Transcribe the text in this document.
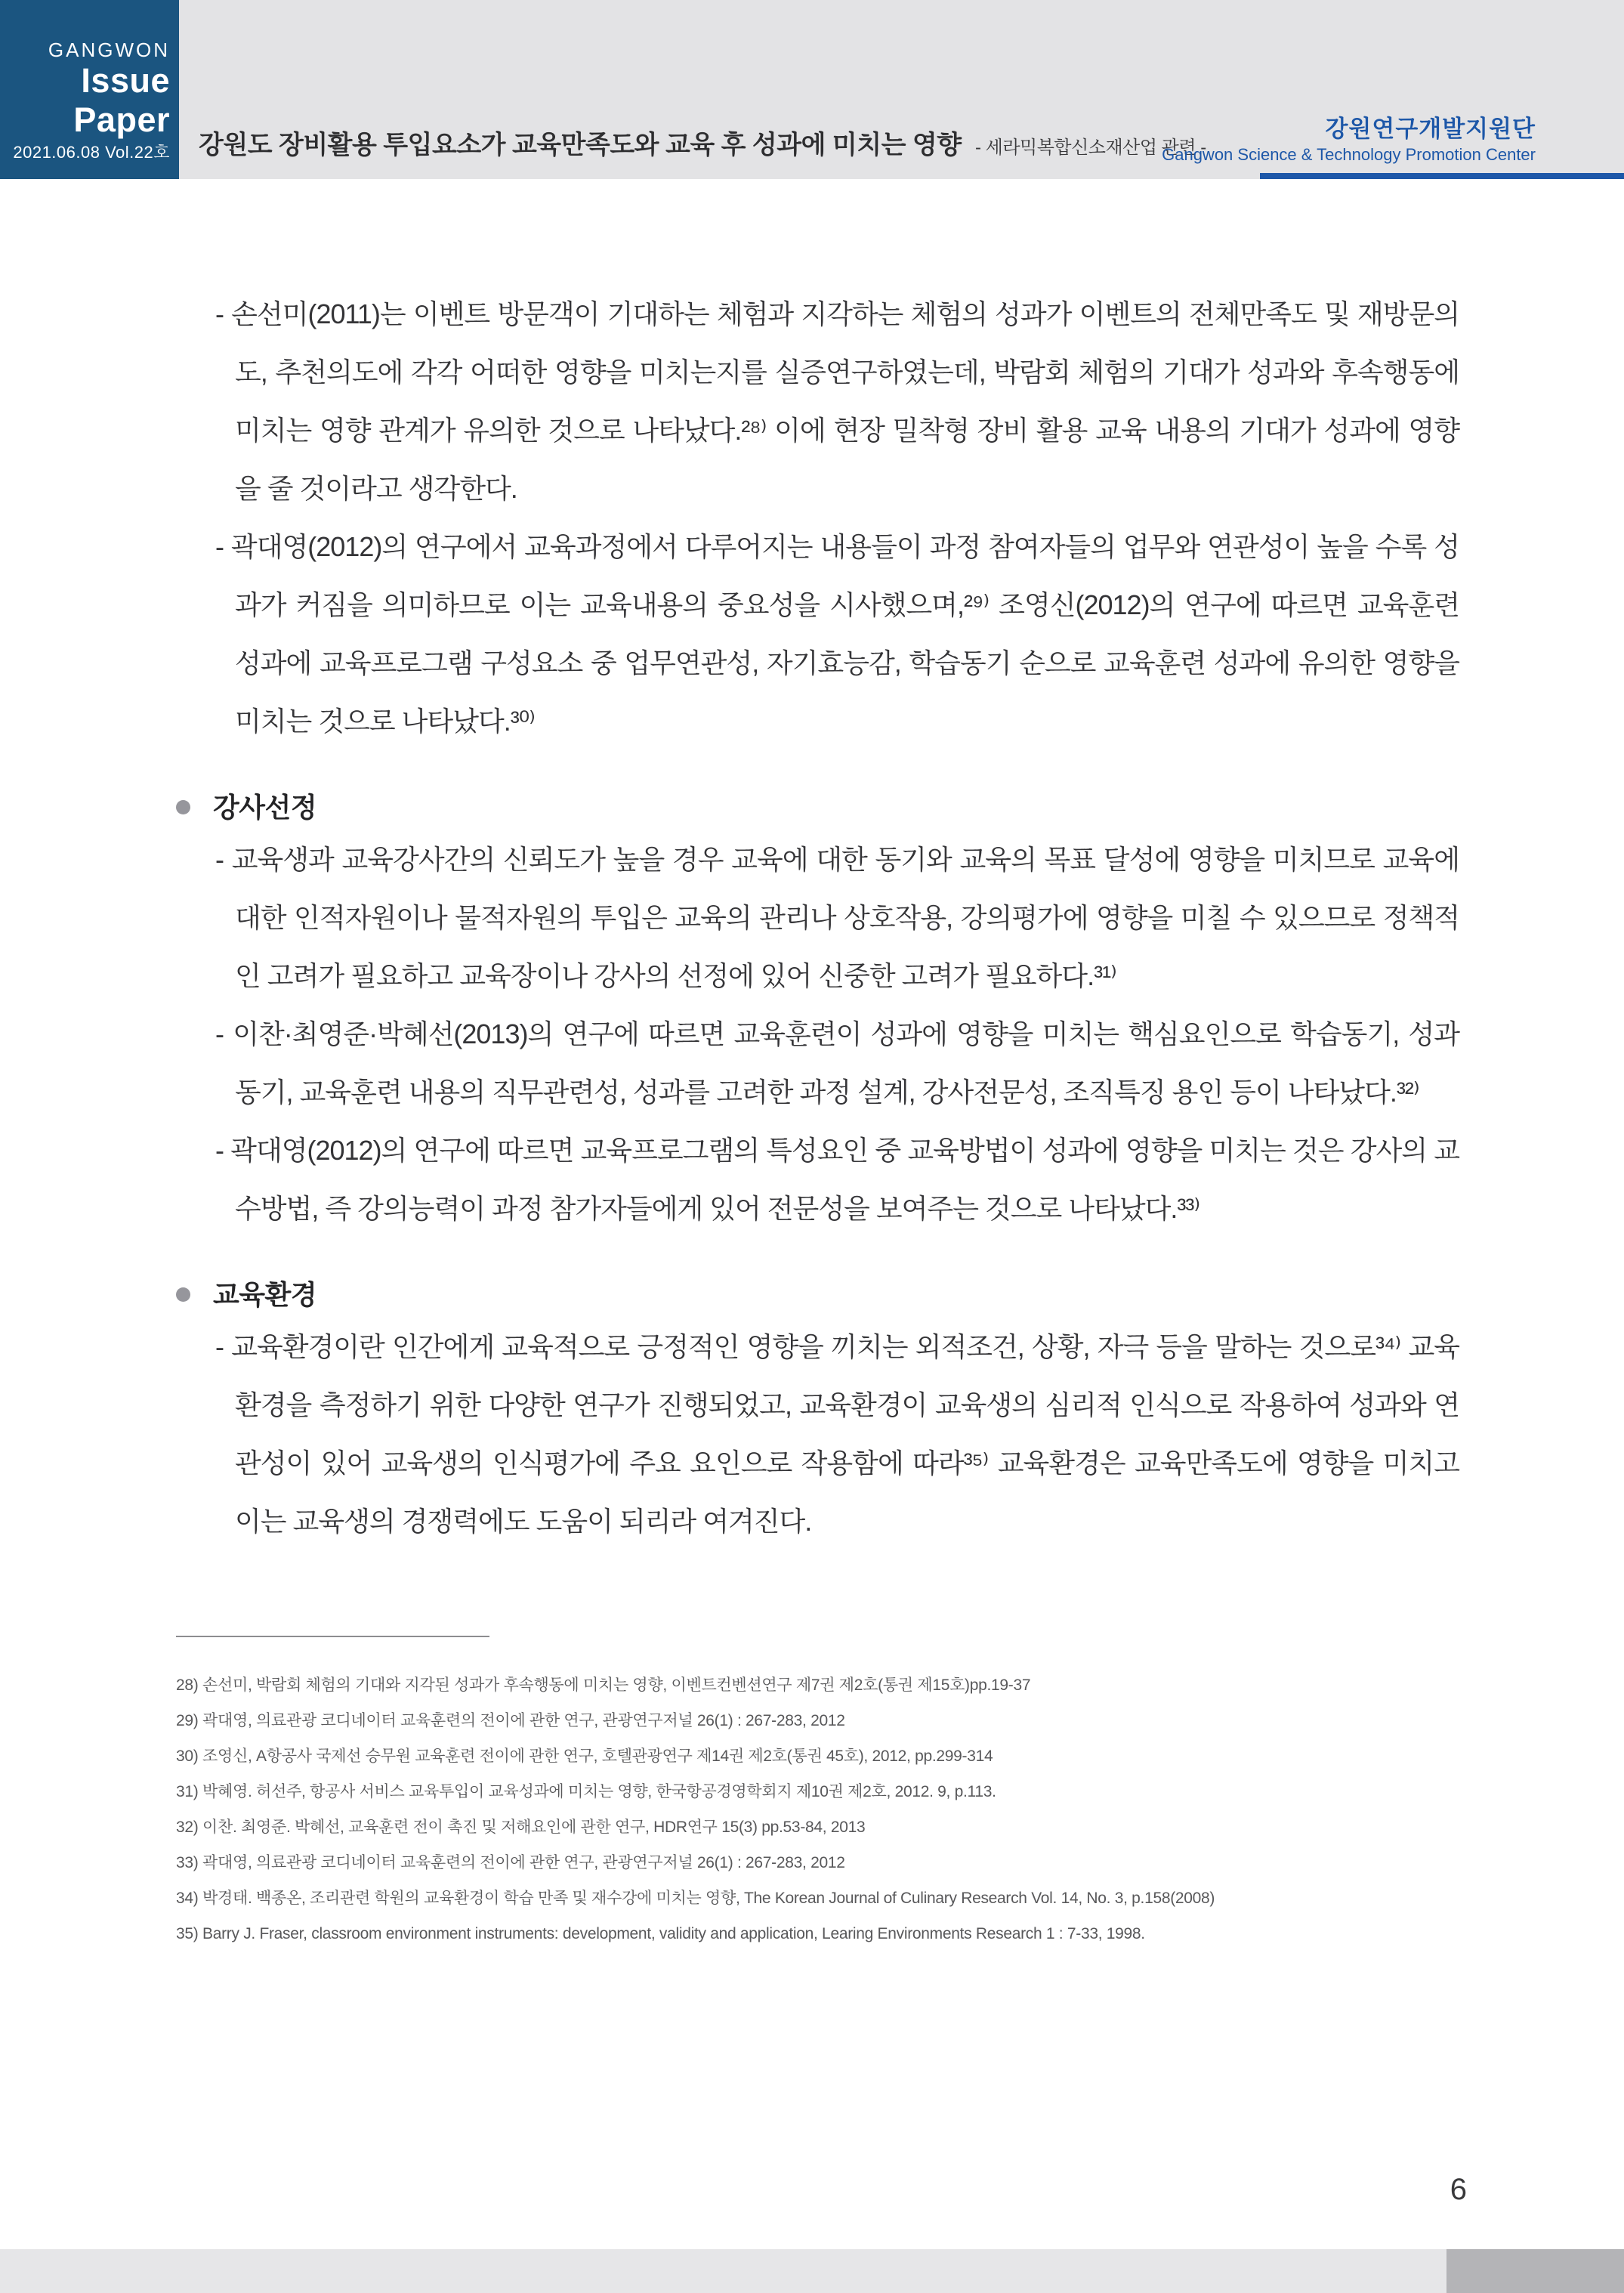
GANGWON
Issue Paper
2021.06.08 Vol.22호 강원도 장비활용 투입요소가 교육만족도와 교육 후 성과에 미치는 영향 - 세라믹복합신소재산업 관련 -
강원연구개발지원단
Gangwon Science & Technology Promotion Center

- 손선미(2011)는 이벤트 방문객이 기대하는 체험과 지각하는 체험의 성과가 이벤트의 전체만족도 및 재방문의도, 추천의도에 각각 어떠한 영향을 미치는지를 실증연구하였는데, 박람회 체험의 기대가 성과와 후속행동에 미치는 영향 관계가 유의한 것으로 나타났다.²⁸⁾ 이에 현장 밀착형 장비 활용 교육 내용의 기대가 성과에 영향을 줄 것이라고 생각한다.

- 곽대영(2012)의 연구에서 교육과정에서 다루어지는 내용들이 과정 참여자들의 업무와 연관성이 높을 수록 성과가 커짐을 의미하므로 이는 교육내용의 중요성을 시사했으며,²⁹⁾ 조영신(2012)의 연구에 따르면 교육훈련 성과에 교육프로그램 구성요소 중 업무연관성, 자기효능감, 학습동기 순으로 교육훈련 성과에 유의한 영향을 미치는 것으로 나타났다.³⁰⁾

강사선정

- 교육생과 교육강사간의 신뢰도가 높을 경우 교육에 대한 동기와 교육의 목표 달성에 영향을 미치므로 교육에 대한 인적자원이나 물적자원의 투입은 교육의 관리나 상호작용, 강의평가에 영향을 미칠 수 있으므로 정책적인 고려가 필요하고 교육장이나 강사의 선정에 있어 신중한 고려가 필요하다.³¹⁾

- 이찬·최영준·박혜선(2013)의 연구에 따르면 교육훈련이 성과에 영향을 미치는 핵심요인으로 학습동기, 성과동기, 교육훈련 내용의 직무관련성, 성과를 고려한 과정 설계, 강사전문성, 조직특징 용인 등이 나타났다.³²⁾

- 곽대영(2012)의 연구에 따르면 교육프로그램의 특성요인 중 교육방법이 성과에 영향을 미치는 것은 강사의 교수방법, 즉 강의능력이 과정 참가자들에게 있어 전문성을 보여주는 것으로 나타났다.³³⁾

교육환경

- 교육환경이란 인간에게 교육적으로 긍정적인 영향을 끼치는 외적조건, 상황, 자극 등을 말하는 것으로³⁴⁾ 교육환경을 측정하기 위한 다양한 연구가 진행되었고, 교육환경이 교육생의 심리적 인식으로 작용하여 성과와 연관성이 있어 교육생의 인식평가에 주요 요인으로 작용함에 따라³⁵⁾ 교육환경은 교육만족도에 영향을 미치고 이는 교육생의 경쟁력에도 도움이 되리라 여겨진다.

28) 손선미, 박람회 체험의 기대와 지각된 성과가 후속행동에 미치는 영향, 이벤트컨벤션연구 제7권 제2호(통권 제15호)pp.19-37

29) 곽대영, 의료관광 코디네이터 교육훈련의 전이에 관한 연구, 관광연구저널 26(1) : 267-283, 2012

30) 조영신, A항공사 국제선 승무원 교육훈련 전이에 관한 연구, 호텔관광연구 제14권 제2호(통권 45호), 2012, pp.299-314

31) 박혜영. 허선주, 항공사 서비스 교육투입이 교육성과에 미치는 영향, 한국항공경영학회지 제10권 제2호, 2012. 9, p.113.

32) 이찬. 최영준. 박혜선, 교육훈련 전이 촉진 및 저해요인에 관한 연구, HDR연구 15(3) pp.53-84, 2013

33) 곽대영, 의료관광 코디네이터 교육훈련의 전이에 관한 연구, 관광연구저널 26(1) : 267-283, 2012

34) 박경태. 백종온, 조리관련 학원의 교육환경이 학습 만족 및 재수강에 미치는 영향, The Korean Journal of Culinary Research Vol. 14, No. 3, p.158(2008)

35) Barry J. Fraser, classroom environment instruments: development, validity and application, Learing Environments Research 1 : 7-33, 1998.

6
